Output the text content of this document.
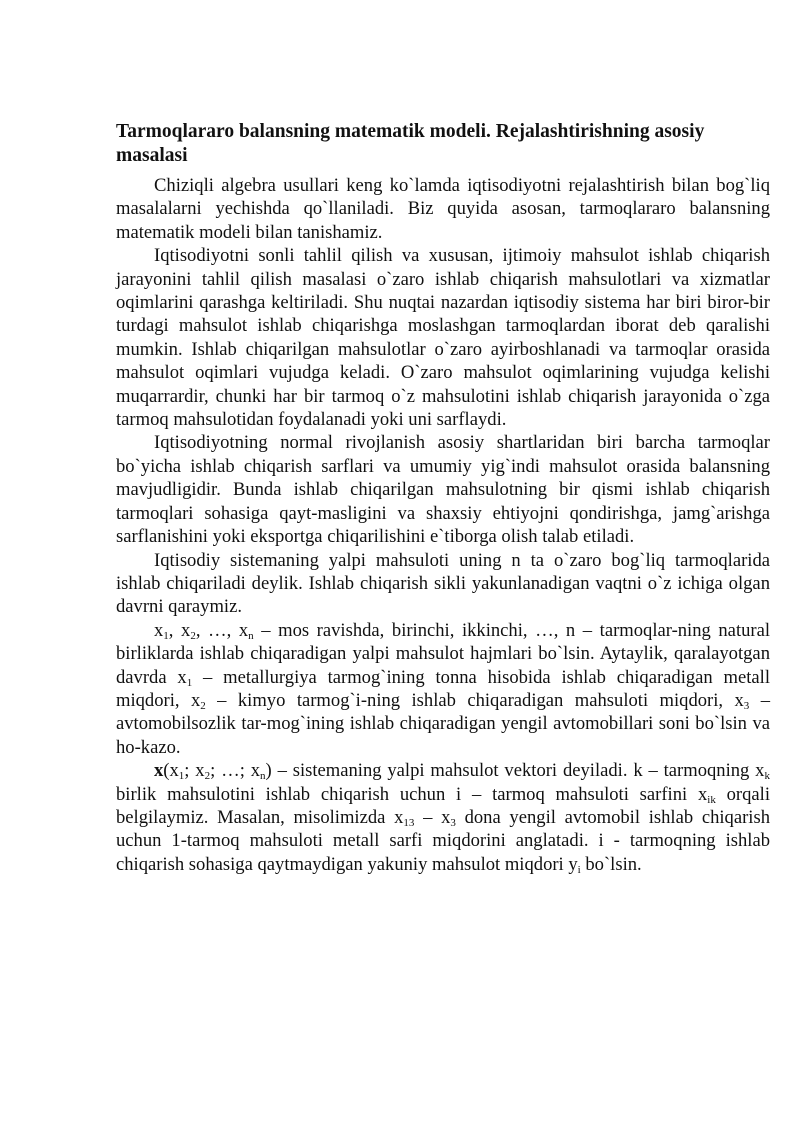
Tarmoqlararo balansning matematik modeli. Rejalashtirishning asosiy masalasi

Chiziqli algebra usullari keng ko`lamda iqtisodiyotni rejalashtirish bilan bog`liq masalalarni yechishda qo`llaniladi. Biz quyida asosan, tarmoqlararo balansning matematik modeli bilan tanishamiz.

Iqtisodiyotni sonli tahlil qilish va xususan, ijtimoiy mahsulot ishlab chiqarish jarayonini tahlil qilish masalasi o`zaro ishlab chiqarish mahsulotlari va xizmatlar oqimlarini qarashga keltiriladi. Shu nuqtai nazardan iqtisodiy sistema har biri biror-bir turdagi mahsulot ishlab chiqarishga moslashgan tarmoqlardan iborat deb qaralishi mumkin. Ishlab chiqarilgan mahsulotlar o`zaro ayirboshlanadi va tarmoqlar orasida mahsulot oqimlari vujudga keladi. O`zaro mahsulot oqimlarining vujudga kelishi muqarrardir, chunki har bir tarmoq o`z mahsulotini ishlab chiqarish jarayonida o`zga tarmoq mahsulotidan foydalanadi yoki uni sarflaydi.

Iqtisodiyotning normal rivojlanish asosiy shartlaridan biri barcha tarmoqlar bo`yicha ishlab chiqarish sarflari va umumiy yig`indi mahsulot orasida balansning mavjudligidir. Bunda ishlab chiqarilgan mahsulotning bir qismi ishlab chiqarish tarmoqlari sohasiga qayt-masligini va shaxsiy ehtiyojni qondirishga, jamg`arishga sarflanishini yoki eksportga chiqarilishini e`tiborga olish talab etiladi.

Iqtisodiy sistemaning yalpi mahsuloti uning n ta o`zaro bog`liq tarmoqlarida ishlab chiqariladi deylik. Ishlab chiqarish sikli yakunlanadigan vaqtni o`z ichiga olgan davrni qaraymiz.

$x_1$, $x_2$, …, $x_n$ – mos ravishda, birinchi, ikkinchi, …, n – tarmoqlar-ning natural birliklarda ishlab chiqaradigan yalpi mahsulot hajmlari bo`lsin. Aytaylik, qaralayotgan davrda $x_1$ – metallurgiya tarmog`ining tonna hisobida ishlab chiqaradigan metall miqdori, $x_2$ – kimyo tarmog`i-ning ishlab chiqaradigan mahsuloti miqdori, $x_3$ – avtomobilsozlik tar-mog`ining ishlab chiqaradigan yengil avtomobillari soni bo`lsin va ho-kazo.

$x(x_1$; $x_2$; …; $x_n$) – sistemaning yalpi mahsulot vektori deyiladi. k – tarmoqning $x_k$ birlik mahsulotini ishlab chiqarish uchun i – tarmoq mahsuloti sarfini $x_{ik}$ orqali belgilaymiz. Masalan, misolimizda $x_{13} - x_3$ dona yengil avtomobil ishlab chiqarish uchun 1-tarmoq mahsuloti metall sarfi miqdorini anglatadi. i - tarmoqning ishlab chiqarish sohasiga qaytmaydigan yakuniy mahsulot miqdori $y_i$ bo`lsin.
